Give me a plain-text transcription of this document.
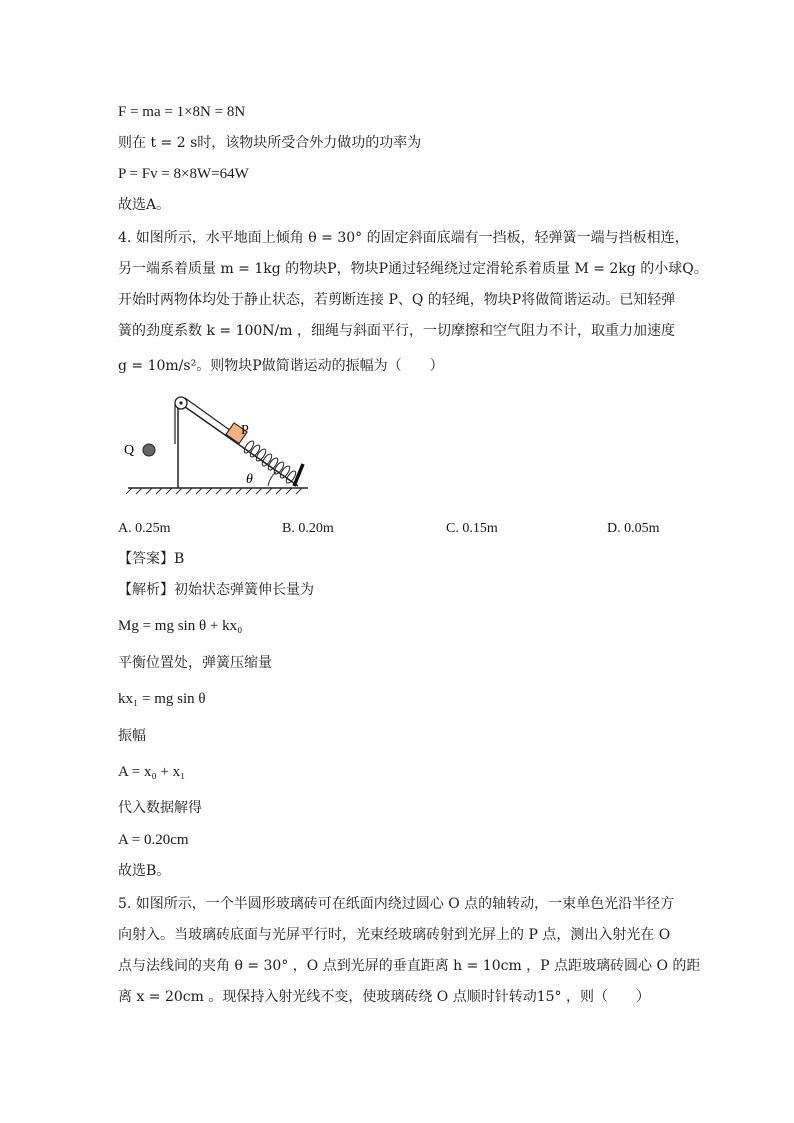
F = ma = 1×8N = 8N
则在 t = 2 s时，该物块所受合外力做功的功率为
P = Fv = 8×8W=64W
故选A。
4. 如图所示，水平地面上倾角 θ = 30° 的固定斜面底端有一挡板，轻弹簧一端与挡板相连，
另一端系着质量 m = 1kg 的物块P，物块P通过轻绳绕过定滑轮系着质量 M = 2kg 的小球Q。
开始时两物体均处于静止状态，若剪断连接 P、Q 的轻绳，物块P将做简谐运动。已知轻弹
簧的劲度系数 k = 100N/m ，细绳与斜面平行，一切摩擦和空气阻力不计，取重力加速度
g = 10m/s²。则物块P做简谐运动的振幅为（　　）
P
Q
θ
A. 0.25m	B. 0.20m	C. 0.15m	D. 0.05m
【答案】B
【解析】初始状态弹簧伸长量为
Mg = mg sin θ + kx₀
平衡位置处，弹簧压缩量
kx₁ = mg sin θ
振幅
A = x₀ + x₁
代入数据解得
A = 0.20cm
故选B。
5. 如图所示，一个半圆形玻璃砖可在纸面内绕过圆心 O 点的轴转动，一束单色光沿半径方
向射入。当玻璃砖底面与光屏平行时，光束经玻璃砖射到光屏上的 P 点，测出入射光在 O
点与法线间的夹角 θ = 30° ，O 点到光屏的垂直距离 h = 10cm ，P 点距玻璃砖圆心 O 的距
离 x = 20cm 。现保持入射光线不变，使玻璃砖绕 O 点顺时针转动15° ，则（　　）
